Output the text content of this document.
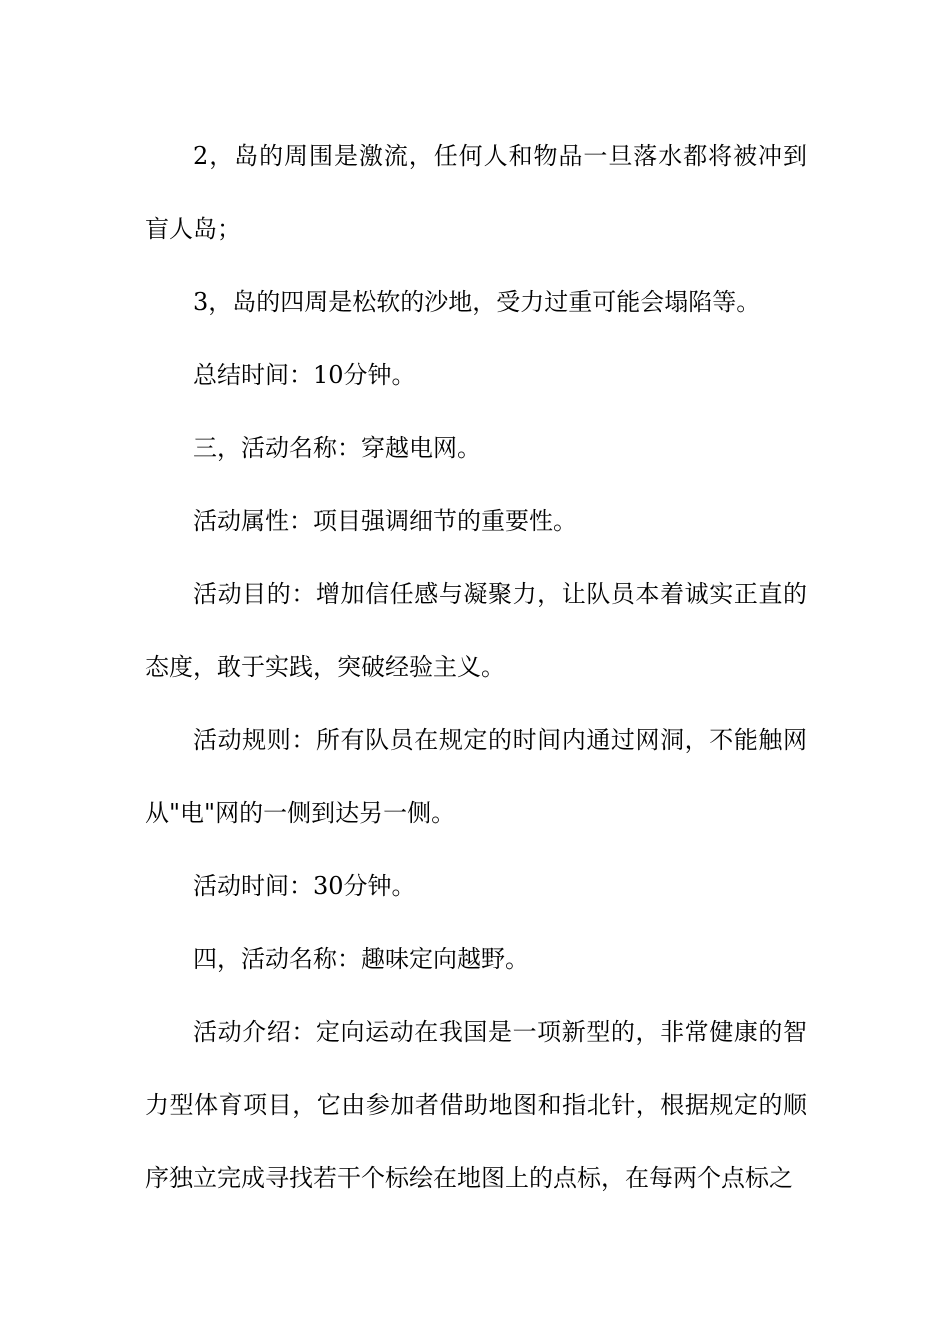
2，岛的周围是激流，任何人和物品一旦落水都将被冲到盲人岛；

3，岛的四周是松软的沙地，受力过重可能会塌陷等。

总结时间：10分钟。

三，活动名称：穿越电网。

活动属性：项目强调细节的重要性。

活动目的：增加信任感与凝聚力，让队员本着诚实正直的态度，敢于实践，突破经验主义。

活动规则：所有队员在规定的时间内通过网洞，不能触网从"电"网的一侧到达另一侧。

活动时间：30分钟。

四，活动名称：趣味定向越野。

活动介绍：定向运动在我国是一项新型的，非常健康的智力型体育项目，它由参加者借助地图和指北针，根据规定的顺序独立完成寻找若干个标绘在地图上的点标，在每两个点标之
